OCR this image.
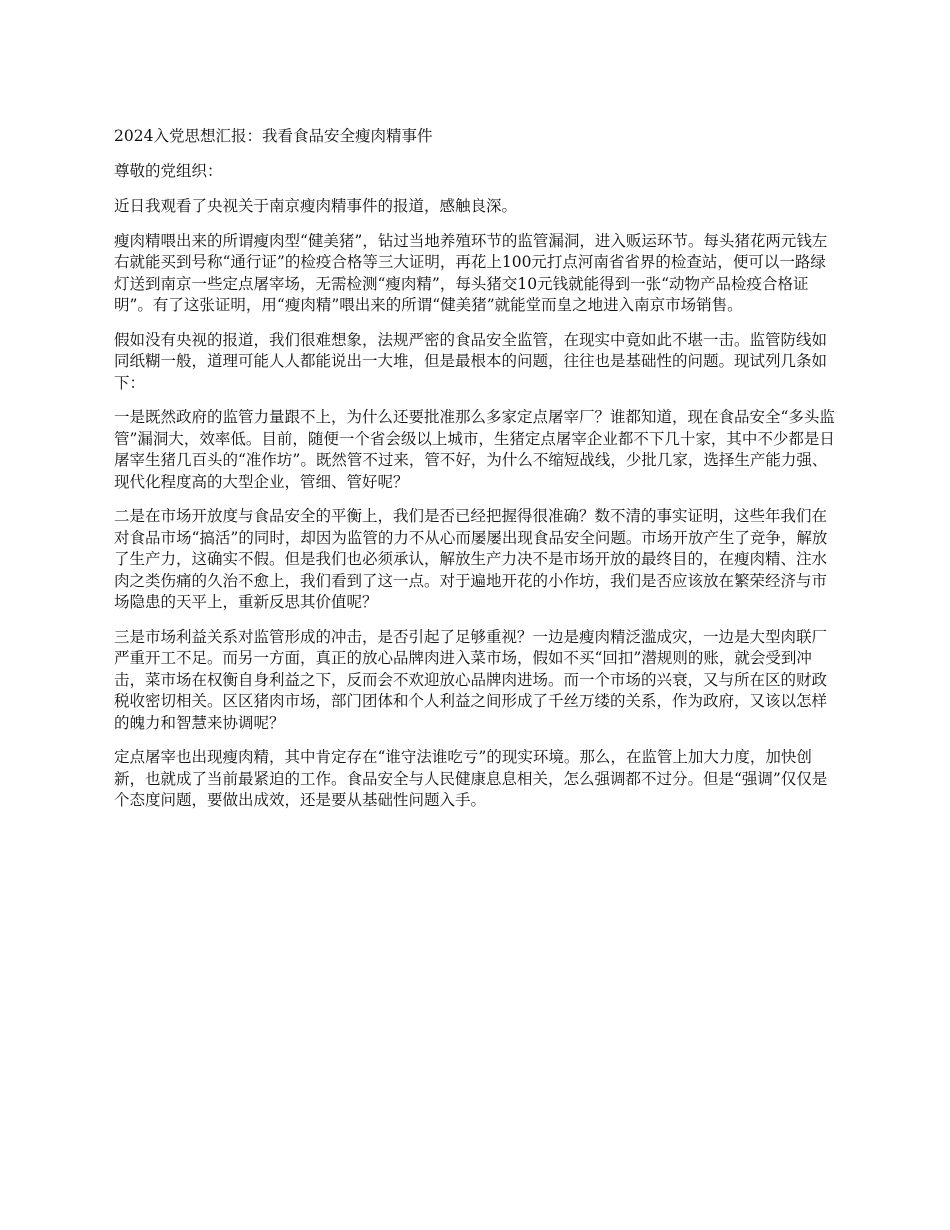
2024入党思想汇报：我看食品安全瘦肉精事件
尊敬的党组织：

近日我观看了央视关于南京瘦肉精事件的报道，感触良深。

瘦肉精喂出来的所谓瘦肉型“健美猪”，钻过当地养殖环节的监管漏洞，进入贩运环节。每头猪花两元钱左右就能买到号称“通行证”的检疫合格等三大证明，再花上100元打点河南省省界的检查站，便可以一路绿灯送到南京一些定点屠宰场，无需检测“瘦肉精”，每头猪交10元钱就能得到一张“动物产品检疫合格证明”。有了这张证明，用“瘦肉精”喂出来的所谓“健美猪”就能堂而皇之地进入南京市场销售。

假如没有央视的报道，我们很难想象，法规严密的食品安全监管，在现实中竟如此不堪一击。监管防线如同纸糊一般，道理可能人人都能说出一大堆，但是最根本的问题，往往也是基础性的问题。现试列几条如下：

一是既然政府的监管力量跟不上，为什么还要批准那么多家定点屠宰厂？谁都知道，现在食品安全“多头监管”漏洞大，效率低。目前，随便一个省会级以上城市，生猪定点屠宰企业都不下几十家，其中不少都是日屠宰生猪几百头的“准作坊”。既然管不过来，管不好，为什么不缩短战线，少批几家，选择生产能力强、现代化程度高的大型企业，管细、管好呢？

二是在市场开放度与食品安全的平衡上，我们是否已经把握得很准确？数不清的事实证明，这些年我们在对食品市场“搞活”的同时，却因为监管的力不从心而屡屡出现食品安全问题。市场开放产生了竞争，解放了生产力，这确实不假。但是我们也必须承认，解放生产力决不是市场开放的最终目的，在瘦肉精、注水肉之类伤痛的久治不愈上，我们看到了这一点。对于遍地开花的小作坊，我们是否应该放在繁荣经济与市场隐患的天平上，重新反思其价值呢？

三是市场利益关系对监管形成的冲击，是否引起了足够重视？一边是瘦肉精泛滥成灾，一边是大型肉联厂严重开工不足。而另一方面，真正的放心品牌肉进入菜市场，假如不买“回扣”潜规则的账，就会受到冲击，菜市场在权衡自身利益之下，反而会不欢迎放心品牌肉进场。而一个市场的兴衰，又与所在区的财政税收密切相关。区区猪肉市场，部门团体和个人利益之间形成了千丝万缕的关系，作为政府，又该以怎样的魄力和智慧来协调呢？

定点屠宰也出现瘦肉精，其中肯定存在“谁守法谁吃亏”的现实环境。那么，在监管上加大力度，加快创新，也就成了当前最紧迫的工作。食品安全与人民健康息息相关，怎么强调都不过分。但是“强调”仅仅是个态度问题，要做出成效，还是要从基础性问题入手。
